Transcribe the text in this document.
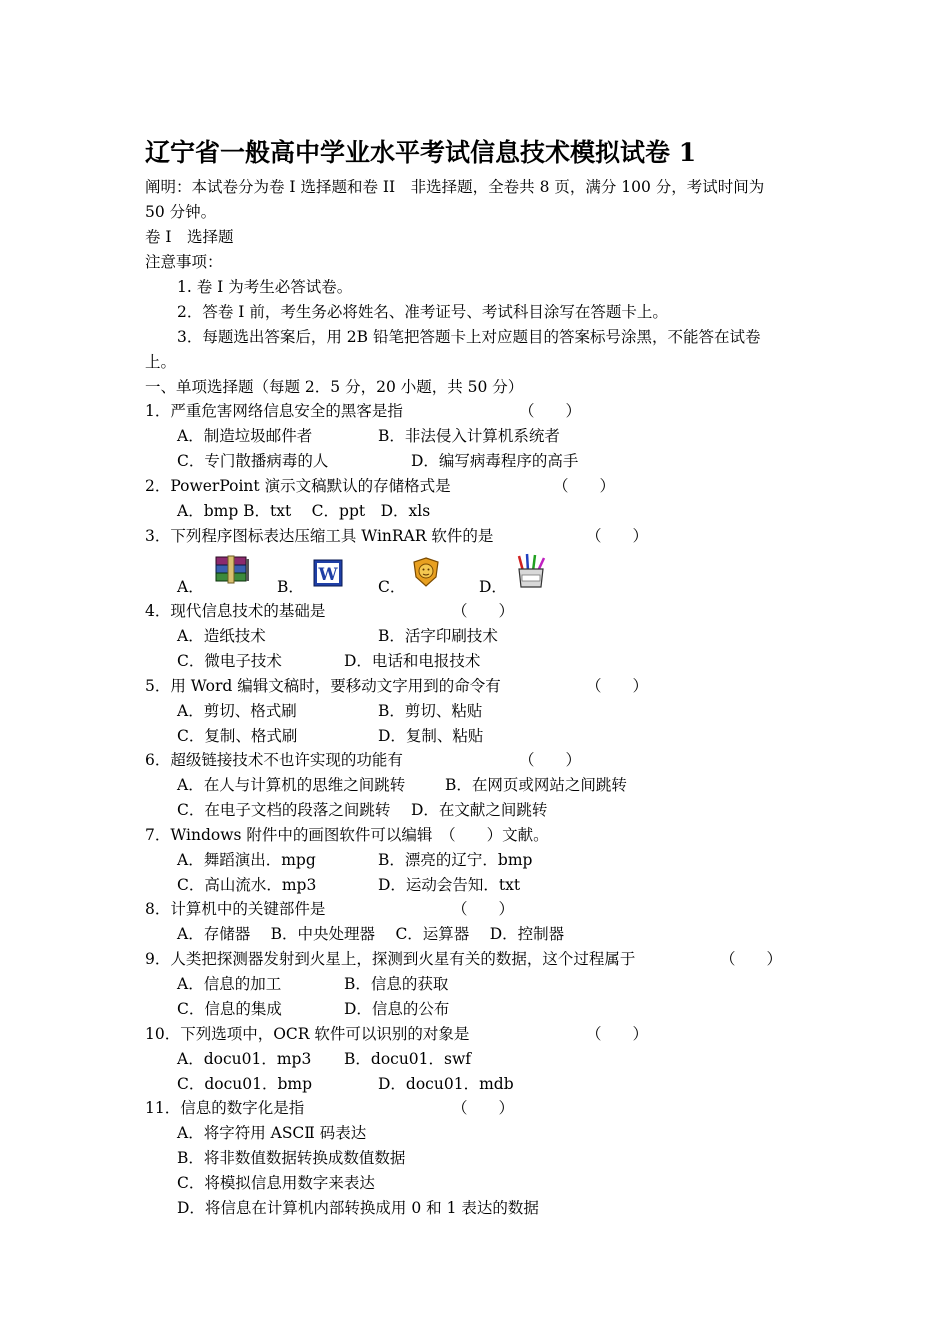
辽宁省一般高中学业水平考试信息技术模拟试卷 1
阐明：本试卷分为卷 I 选择题和卷 II　非选择题，全卷共 8 页，满分 100 分，考试时间为
50 分钟。
卷 I　选择题
注意事项：
1. 卷 I 为考生必答试卷。
2．答卷 I 前，考生务必将姓名、准考证号、考试科目涂写在答题卡上。
3．每题选出答案后，用 2B 铅笔把答题卡上对应题目的答案标号涂黑，不能答在试卷
上。
一、单项选择题（每题 2．5 分，20 小题，共 50 分）
1．严重危害网络信息安全的黑客是指	（　　）
A．制造垃圾邮件者	B．非法侵入计算机系统者
C．专门散播病毒的人	D．编写病毒程序的高手
2．PowerPoint 演示文稿默认的存储格式是	（　　）
A．bmp B．txt　 C．ppt　D．xls
3．下列程序图标表达压缩工具 WinRAR 软件的是	（　　）
A．	B．	C．	D．
W
4．现代信息技术的基础是	（　　）
A．造纸技术	B．活字印刷技术
C．微电子技术	D．电话和电报技术
5．用 Word 编辑文稿时，要移动文字用到的命令有	（　　）
A．剪切、格式刷	B．剪切、粘贴
C．复制、格式刷	D．复制、粘贴
6．超级链接技术不也许实现的功能有	（　　）
A．在人与计算机的思维之间跳转	B．在网页或网站之间跳转
C．在电子文档的段落之间跳转 D．在文献之间跳转
7．Windows 附件中的画图软件可以编辑　（　　）文献。
A．舞蹈演出．mpg	B．漂亮的辽宁．bmp
C．高山流水．mp3	D．运动会告知．txt
8．计算机中的关键部件是	（　　）
A．存储器　 B．中央处理器　 C．运算器　 D．控制器
9．人类把探测器发射到火星上，探测到火星有关的数据，这个过程属于	（　　）
A．信息的加工	B．信息的获取
C．信息的集成	D．信息的公布
10．下列选项中，OCR 软件可以识别的对象是	（　　）
A．docu01．mp3 B．docu01．swf
C．docu01．bmp	D．docu01．mdb
11．信息的数字化是指	（　　）
A．将字符用 ASCⅡ 码表达
B．将非数值数据转换成数值数据
C．将模拟信息用数字来表达
D．将信息在计算机内部转换成用 0 和 1 表达的数据
